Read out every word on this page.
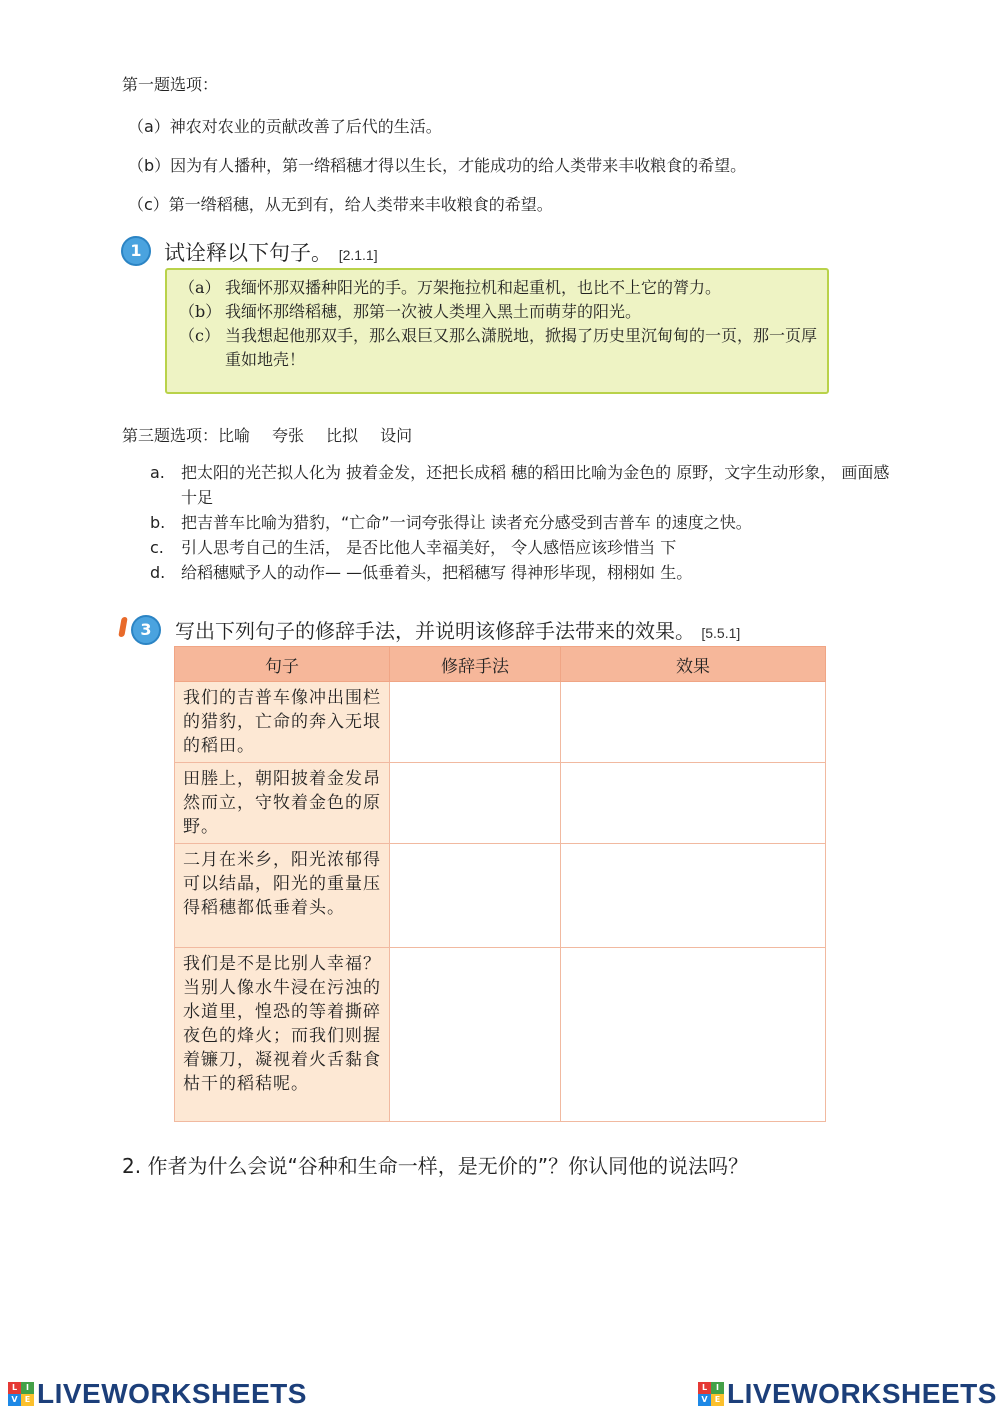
第一题选项：
（a）神农对农业的贡献改善了后代的生活。
（b）因为有人播种，第一绺稻穗才得以生长，才能成功的给人类带来丰收粮食的希望。
（c）第一绺稻穗，从无到有，给人类带来丰收粮食的希望。
1	试诠释以下句子。 [2.1.1]
（a） 我缅怀那双播种阳光的手。万架拖拉机和起重机，也比不上它的膂力。
（b） 我缅怀那绺稻穗，那第一次被人类埋入黑土而萌芽的阳光。
（c） 当我想起他那双手，那么艰巨又那么潇脱地，掀揭了历史里沉甸甸的一页，那一页厚重如地壳！
第三题选项：比喻 夸张 比拟 设问
a.	把太阳的光芒拟人化为 披着金发，还把长成稻 穗的稻田比喻为金色的 原野，文字生动形象， 画面感十足
b. 把吉普车比喻为猎豹，“亡命”一词夸张得让 读者充分感受到吉普车 的速度之快。
c.	引人思考自己的生活， 是否比他人幸福美好， 令人感悟应该珍惜当 下
d. 给稻穗赋予人的动作— —低垂着头，把稻穗写 得神形毕现，栩栩如 生。
3	写出下列句子的修辞手法，并说明该修辞手法带来的效果。 [5.5.1]
句子	修辞手法	效果
我们的吉普车像冲出围栏的猎豹，亡命的奔入无垠的稻田。		
田塍上，朝阳披着金发昂然而立，守牧着金色的原野。		
二月在米乡，阳光浓郁得可以结晶，阳光的重量压得稻穗都低垂着头。		
我们是不是比别人幸福？当别人像水牛浸在污浊的水道里，惶恐的等着撕碎夜色的烽火；而我们则握着镰刀，凝视着火舌黏食枯干的稻秸呢。		
2. 作者为什么会说“谷种和生命一样，是无价的”？你认同他的说法吗？
L	I
V E LIVEWORKSHEETS	L	I
V E LIVEWORKSHEETS
